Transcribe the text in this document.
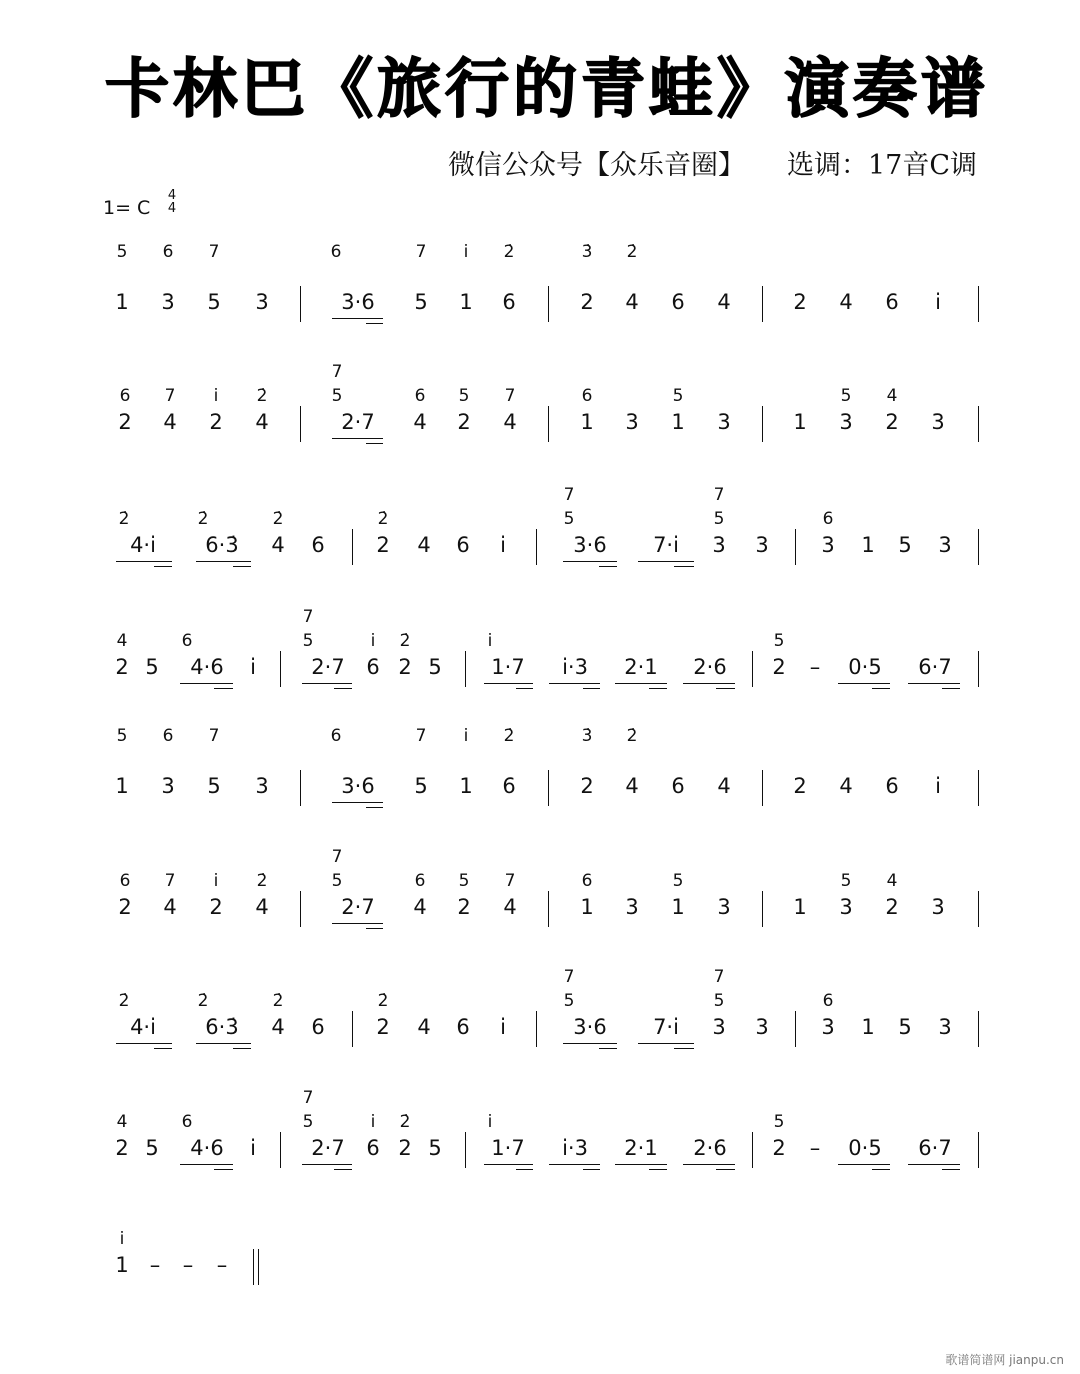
卡林巴《旅行的青蛙》演奏谱
微信公众号【众乐音圈】 选调：17音C调
1= C
4
4
5 6 7	6	7 i 2̇	3̇ 2̇
1 3 5 3	3·6 5 1 6	2 4 6 4	2 4 6 i
6 7 i 2̇
7
5	6 5 7	6	5	5 4
2 4 2 4	2·7 4 2 4	1 3 1 3	1 3 2 3
2̇	2̇	2̇	2̇
7
5
7
5	6
4·i 6·3̇ 4 6 2 4 6 i	3·6 7·i 3 3	3 1 5 3
4	6
7
5	i 2̇	i	5
2 5 4·6 i	2·7 6 2 5 1·7 i·3 2·1 2·6 2 – 0·5 6·7
5 6 7	6	7 i 2̇	3̇ 2̇
1 3 5 3	3·6 5 1 6	2 4 6 4	2 4 6 i
6 7 i 2̇
7
5	6 5 7	6	5	5 4
2 4 2 4	2·7 4 2 4	1 3 1 3	1 3 2 3
2̇	2̇	2̇	2̇
7
5
7
5	6
4·i 6·3̇ 4 6 2 4 6 i	3·6 7·i 3 3	3 1 5 3
4	6
7
5	i 2̇	i	5
2 5 4·6 i	2·7 6 2 5 1·7 i·3 2·1 2·6 2 – 0·5 6·7
i
1 – – –
歌谱简谱网 jianpu.cn
